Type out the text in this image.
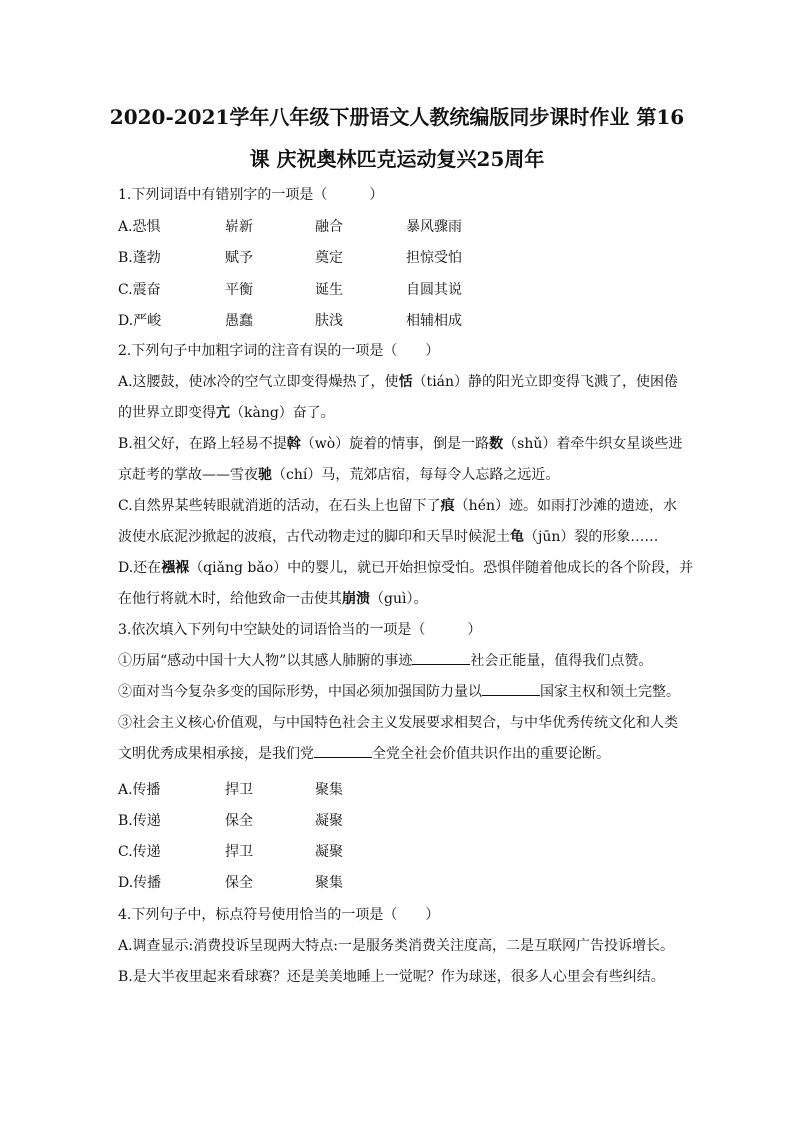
2020-2021学年八年级下册语文人教统编版同步课时作业 第16
课 庆祝奥林匹克运动复兴25周年
1.下列词语中有错别字的一项是（　　　）
A.恐惧	崭新	融合	暴风骤雨
B.蓬勃	赋予	奠定	担惊受怕
C.震奋	平衡	诞生	自圆其说
D.严峻	愚蠢	肤浅	相辅相成

2.下列句子中加粗字词的注音有误的一项是（　　）

A.这腰鼓，使冰冷的空气立即变得燥热了，使恬（tián）静的阳光立即变得飞溅了，使困倦

的世界立即变得亢（kàng）奋了。

B.祖父好，在路上轻易不提斡（wò）旋着的情事，倒是一路数（shǔ）着牵牛织女星谈些进

京赶考的掌故——雪夜驰（chí）马，荒郊店宿，每每令人忘路之远近。

C.自然界某些转眼就消逝的活动，在石头上也留下了痕（hén）迹。如雨打沙滩的遗迹，水

波使水底泥沙掀起的波痕，古代动物走过的脚印和天旱时候泥土龟（jūn）裂的形象……

D.还在襁褓（qiǎng bǎo）中的婴儿，就已开始担惊受怕。恐惧伴随着他成长的各个阶段，并

在他行将就木时，给他致命一击使其崩溃（guì）。

3.依次填入下列句中空缺处的词语恰当的一项是（　　　）

①历届“感动中国十大人物”以其感人肺腑的事迹	社会正能量，值得我们点赞。

②面对当今复杂多变的国际形势，中国必须加强国防力量以	国家主权和领土完整。

③社会主义核心价值观，与中国特色社会主义发展要求相契合，与中华优秀传统文化和人类

文明优秀成果相承接，是我们党	全党全社会价值共识作出的重要论断。

A.传播	捍卫	聚集
B.传递	保全	凝聚
C.传递	捍卫	凝聚
D.传播	保全	聚集
4.下列句子中，标点符号使用恰当的一项是（　　）
A.调查显示:消费投诉呈现两大特点:一是服务类消费关注度高，二是互联网广告投诉增长。
B.是大半夜里起来看球赛？还是美美地睡上一觉呢？作为球迷，很多人心里会有些纠结。
